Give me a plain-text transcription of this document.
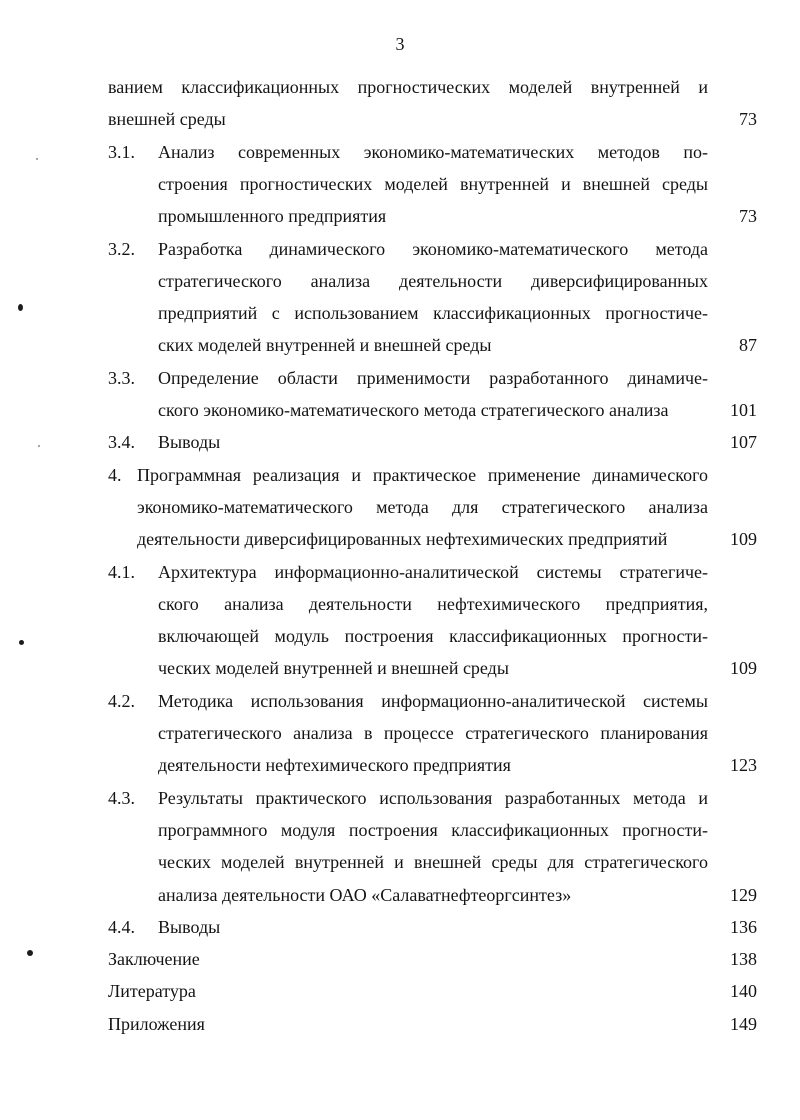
3
ванием классификационных прогностических моделей внутренней и
внешней среды	73
3.1. Анализ современных экономико-математических методов по-
строения прогностических моделей внутренней и внешней среды
промышленного предприятия	73
3.2. Разработка динамического экономико-математического метода
стратегического анализа деятельности диверсифицированных
предприятий с использованием классификационных прогностиче-
ских моделей внутренней и внешней среды	87
3.3. Определение области применимости разработанного динамиче-
ского экономико-математического метода стратегического анализа	101
3.4. Выводы	107
4. Программная реализация и практическое применение динамического
экономико-математического метода для стратегического анализа
деятельности диверсифицированных нефтехимических предприятий	109
4.1. Архитектура информационно-аналитической системы стратегиче-
ского анализа деятельности нефтехимического предприятия,
включающей модуль построения классификационных прогности-
ческих моделей внутренней и внешней среды	109
4.2. Методика использования информационно-аналитической системы
стратегического анализа в процессе стратегического планирования
деятельности нефтехимического предприятия	123
4.3. Результаты практического использования разработанных метода и
программного модуля построения классификационных прогности-
ческих моделей внутренней и внешней среды для стратегического
анализа деятельности ОАО «Салаватнефтеоргсинтез»	129
4.4. Выводы	136
Заключение	138
Литература	140
Приложения	149
